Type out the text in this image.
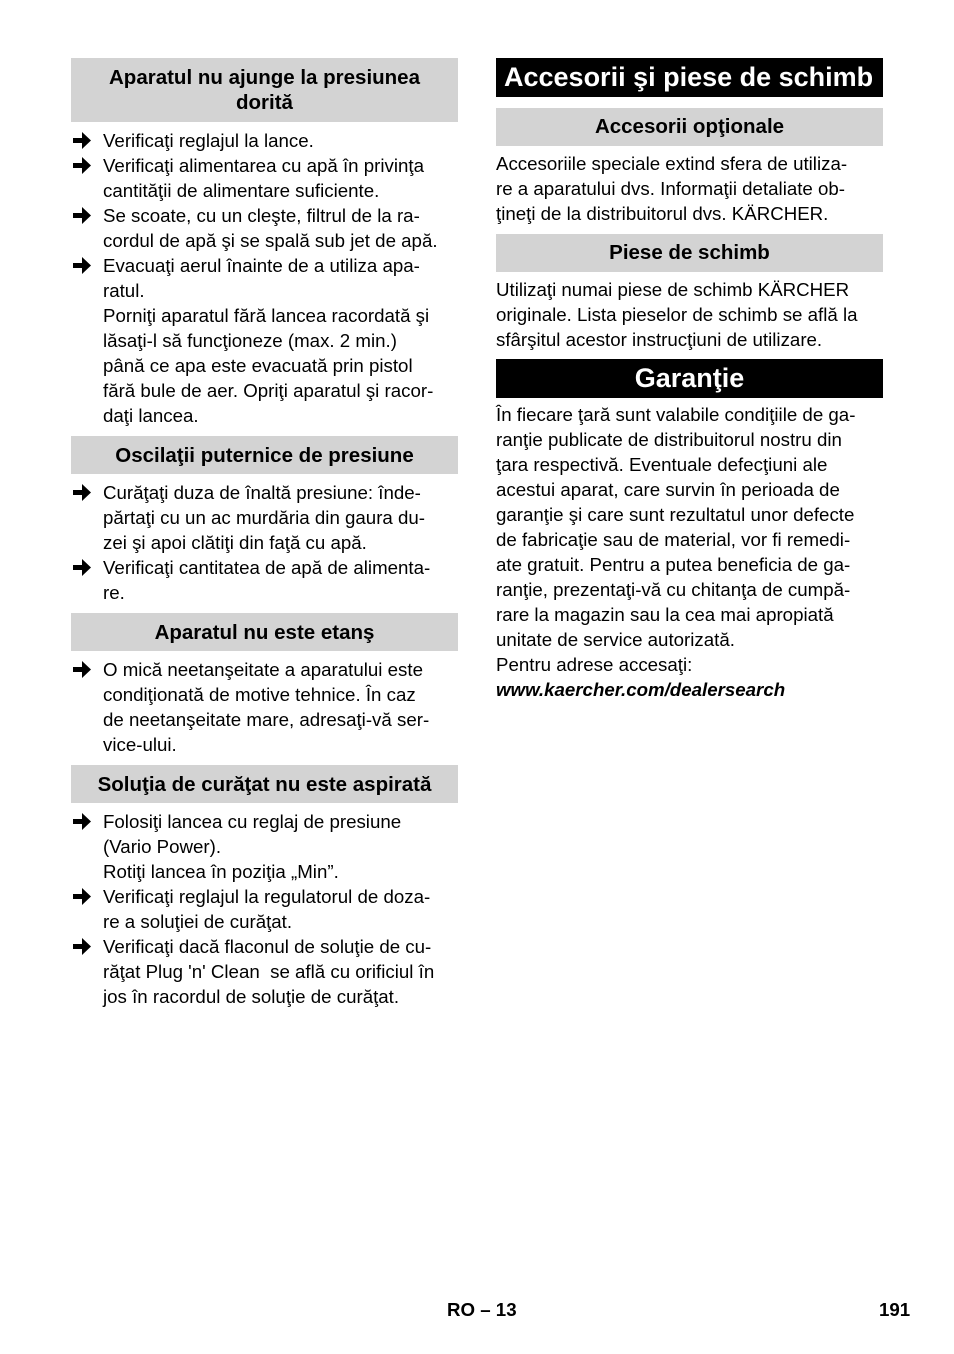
Aparatul nu ajunge la presiunea
dorită
Verificaţi reglajul la lance.
Verificaţi alimentarea cu apă în privinţa
cantităţii de alimentare suficiente.
Se scoate, cu un cleşte, filtrul de la ra-
cordul de apă şi se spală sub jet de apă.
Evacuaţi aerul înainte de a utiliza apa-
ratul.
Porniţi aparatul fără lancea racordată şi
lăsaţi-l să funcţioneze (max. 2 min.)
până ce apa este evacuată prin pistol
fără bule de aer. Opriţi aparatul şi racor-
daţi lancea.
Oscilaţii puternice de presiune
Curăţaţi duza de înaltă presiune: înde-
părtaţi cu un ac murdăria din gaura du-
zei şi apoi clătiţi din faţă cu apă.
Verificaţi cantitatea de apă de alimenta-
re.
Aparatul nu este etanş
O mică neetanşeitate a aparatului este
condiţionată de motive tehnice. În caz
de neetanşeitate mare, adresaţi-vă ser-
vice-ului.
Soluţia de curăţat nu este aspirată
Folosiţi lancea cu reglaj de presiune
(Vario Power).
Rotiţi lancea în poziţia „Min”.
Verificaţi reglajul la regulatorul de doza-
re a soluţiei de curăţat.
Verificaţi dacă flaconul de soluţie de cu-
răţat Plug 'n' Clean  se află cu orificiul în
jos în racordul de soluţie de curăţat.
Accesorii şi piese de schimb
Accesorii opţionale
Accesoriile speciale extind sfera de utiliza-
re a aparatului dvs. Informaţii detaliate ob-
ţineţi de la distribuitorul dvs. KÄRCHER.
Piese de schimb
Utilizaţi numai piese de schimb KÄRCHER
originale. Lista pieselor de schimb se află la
sfârşitul acestor instrucţiuni de utilizare.
Garanţie
În fiecare ţară sunt valabile condiţiile de ga-
ranţie publicate de distribuitorul nostru din
ţara respectivă. Eventuale defecţiuni ale
acestui aparat, care survin în perioada de
garanţie şi care sunt rezultatul unor defecte
de fabricaţie sau de material, vor fi remedi-
ate gratuit. Pentru a putea beneficia de ga-
ranţie, prezentaţi-vă cu chitanţa de cumpă-
rare la magazin sau la cea mai apropiată
unitate de service autorizată.
Pentru adrese accesaţi:
www.kaercher.com/dealersearch
RO – 13	191
